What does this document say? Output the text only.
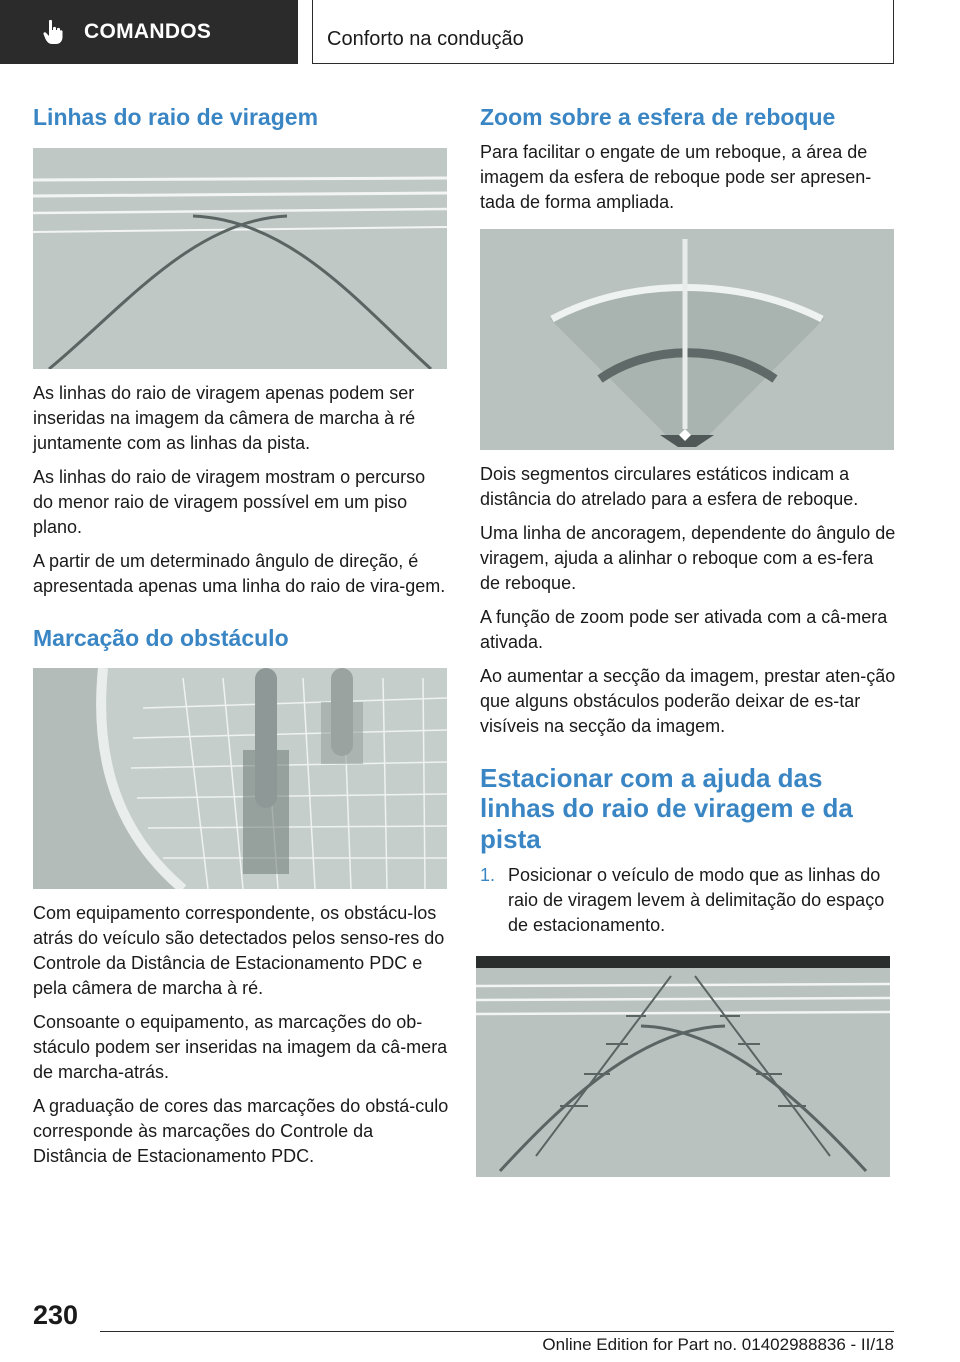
COMANDOS	Conforto na condução
Linhas do raio de viragem

As linhas do raio de viragem apenas podem ser inseridas na imagem da câmera de marcha à ré juntamente com as linhas da pista.

As linhas do raio de viragem mostram o percurso do menor raio de viragem possível em um piso plano.

A partir de um determinado ângulo de direção, é apresentada apenas uma linha do raio de vira-gem.

Marcação do obstáculo

Com equipamento correspondente, os obstácu-los atrás do veículo são detectados pelos senso-res do Controle da Distância de Estacionamento PDC e pela câmera de marcha à ré.

Consoante o equipamento, as marcações do ob-stáculo podem ser inseridas na imagem da câ-mera de marcha-atrás.

A graduação de cores das marcações do obstá-culo corresponde às marcações do Controle da Distância de Estacionamento PDC.

Zoom sobre a esfera de reboque

Para facilitar o engate de um reboque, a área de imagem da esfera de reboque pode ser apresen-tada de forma ampliada.

Dois segmentos circulares estáticos indicam a distância do atrelado para a esfera de reboque.

Uma linha de ancoragem, dependente do ângulo de viragem, ajuda a alinhar o reboque com a es-fera de reboque.

A função de zoom pode ser ativada com a câ-mera ativada.

Ao aumentar a secção da imagem, prestar aten-ção que alguns obstáculos poderão deixar de es-tar visíveis na secção da imagem.

Estacionar com a ajuda das linhas do raio de viragem e da pista
1. Posicionar o veículo de modo que as linhas do raio de viragem levem à delimitação do espaço de estacionamento.
230
Online Edition for Part no. 01402988836 - II/18
